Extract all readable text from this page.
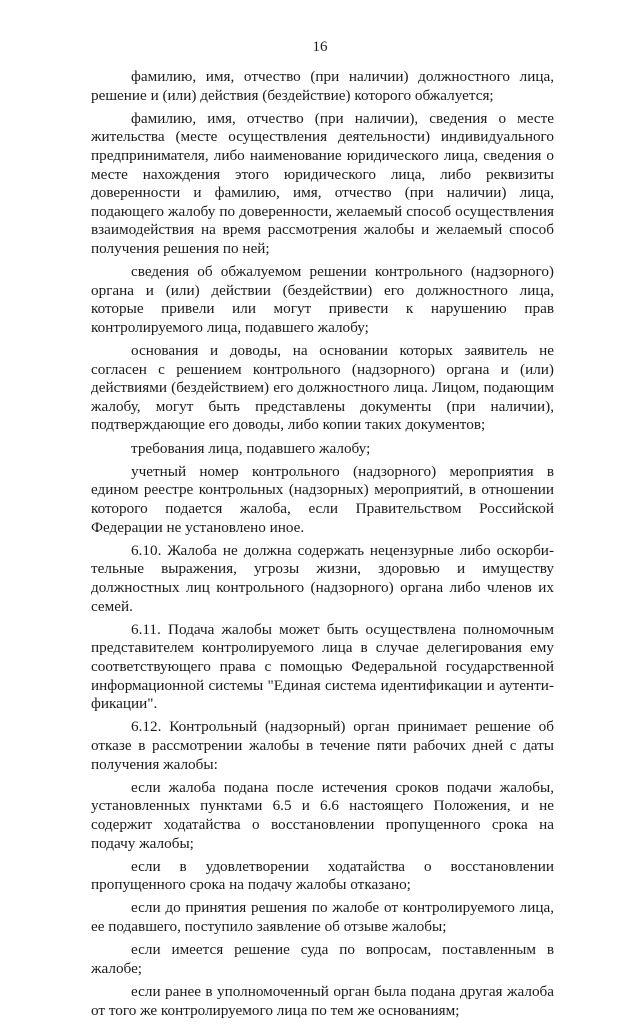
16

фамилию, имя, отчество (при наличии) должностного лица, решение и (или) действия (бездействие) которого обжалуется;

фамилию, имя, отчество (при наличии), сведения о месте жительства (месте осуществления деятельности) индивидуального предпринимателя, либо наименование юридического лица, сведения о месте нахождения этого юридического лица, либо реквизиты доверенности и фамилию, имя, отчество (при наличии) лица, подающего жалобу по доверенности, желаемый способ осуществления взаимодействия на время рассмотрения жалобы и желаемый способ получения решения по ней;

сведения об обжалуемом решении контрольного (надзорного) органа и (или) действии (бездействии) его должностного лица, которые привели или могут привести к нарушению прав контролируемого лица, подавшего жалобу;

основания и доводы, на основании которых заявитель не согласен с решением контрольного (надзорного) органа и (или) действиями (бездействием) его должностного лица. Лицом, подающим жалобу, могут быть представлены документы (при наличии), подтверждающие его доводы, либо копии таких документов;

требования лица, подавшего жалобу;

учетный номер контрольного (надзорного) мероприятия в едином реестре контрольных (надзорных) мероприятий, в отношении которого подается жалоба, если Правительством Российской Федерации не установлено иное.

6.10. Жалоба не должна содержать нецензурные либо оскорбительные выражения, угрозы жизни, здоровью и имуществу должностных лиц контрольного (надзорного) органа либо членов их семей.

6.11. Подача жалобы может быть осуществлена полномочным представителем контролируемого лица в случае делегирования ему соответствующего права с помощью Федеральной государственной информационной системы "Единая система идентификации и аутентификации".

6.12. Контрольный (надзорный) орган принимает решение об отказе в рассмотрении жалобы в течение пяти рабочих дней с даты получения жалобы:

если жалоба подана после истечения сроков подачи жалобы, установленных пунктами 6.5 и 6.6 настоящего Положения, и не содержит ходатайства о восстановлении пропущенного срока на подачу жалобы;

если в удовлетворении ходатайства о восстановлении пропущенного срока на подачу жалобы отказано;

если до принятия решения по жалобе от контролируемого лица, ее подавшего, поступило заявление об отзыве жалобы;

если имеется решение суда по вопросам, поставленным в жалобе;

если ранее в уполномоченный орган была подана другая жалоба от того же контролируемого лица по тем же основаниям;
